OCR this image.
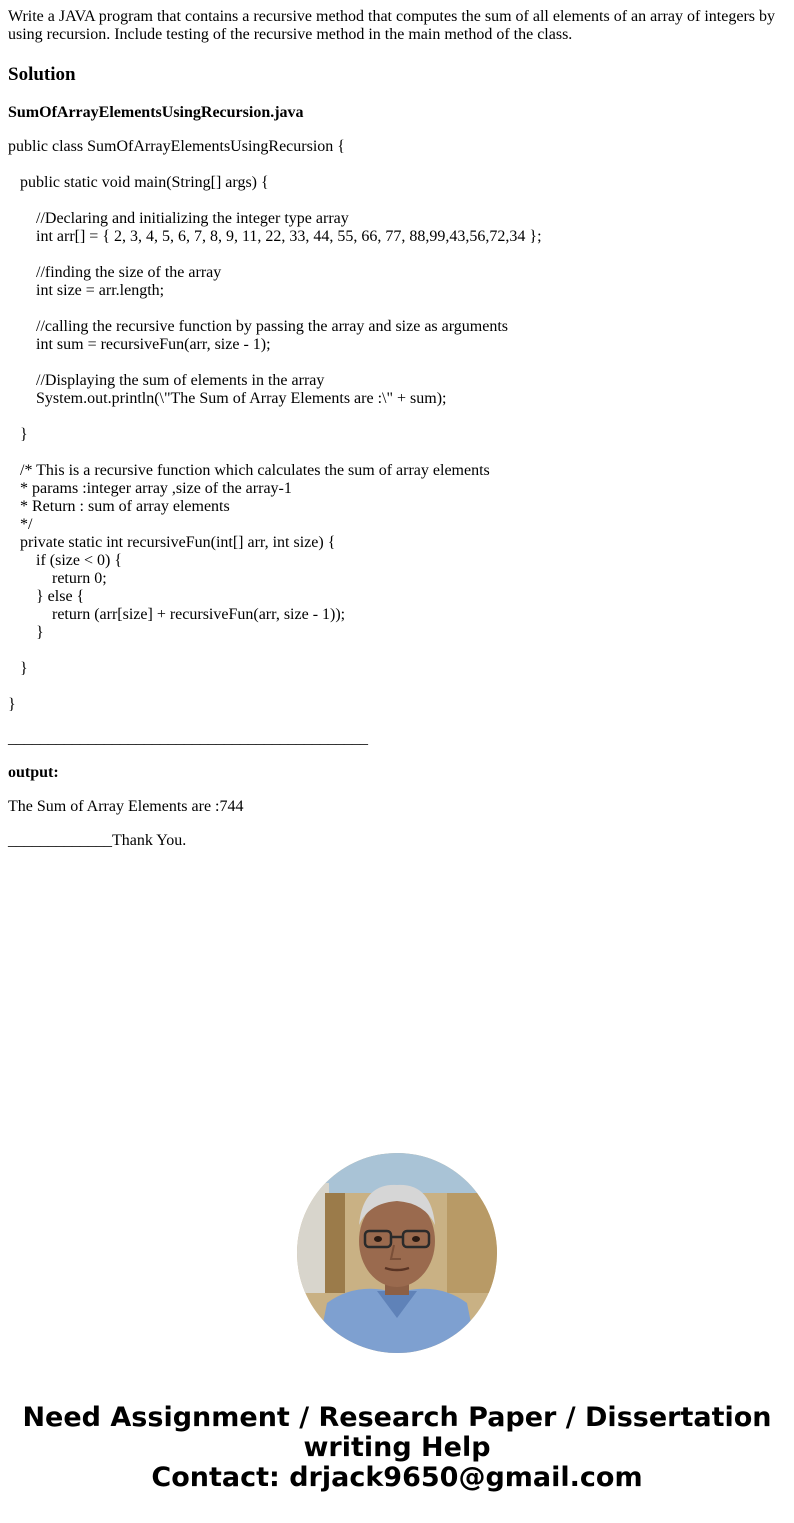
Write a JAVA program that contains a recursive method that computes the sum of all elements of an array of integers by using recursion. Include testing of the recursive method in the main method of the class.
Solution
SumOfArrayElementsUsingRecursion.java
public class SumOfArrayElementsUsingRecursion {
public static void main(String[] args) {
//Declaring and initializing the integer type array
int arr[] = { 2, 3, 4, 5, 6, 7, 8, 9, 11, 22, 33, 44, 55, 66, 77, 88,99,43,56,72,34 };
//finding the size of the array
int size = arr.length;
//calling the recursive function by passing the array and size as arguments
int sum = recursiveFun(arr, size - 1);
//Displaying the sum of elements in the array
System.out.println(\"The Sum of Array Elements are :\" + sum);
}
/* This is a recursive function which calculates the sum of array elements
* params :integer array ,size of the array-1
* Return : sum of array elements
*/
private static int recursiveFun(int[] arr, int size) {
if (size < 0) {
return 0;
} else {
return (arr[size] + recursiveFun(arr, size - 1));
}
}
}
_____________________________________________
output:
The Sum of Array Elements are :744
_____________Thank You.
Need Assignment / Research Paper / Dissertation
writing Help
Contact: drjack9650@gmail.com
